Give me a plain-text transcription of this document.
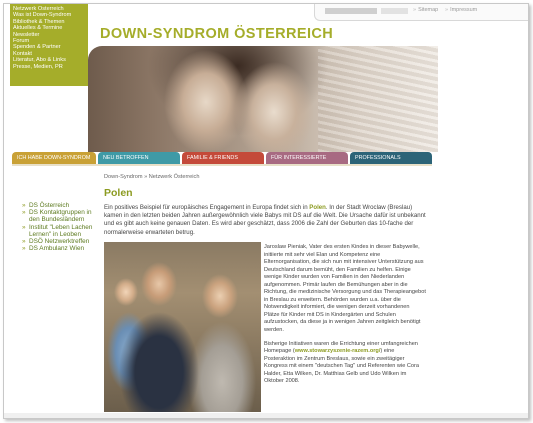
Netzwerk Österreich
Was ist Down-Syndrom
Bibliothek & Themen
Aktuelles & Termine
Newsletter
Forum
Spenden & Partner
Kontakt
Literatur, Abo & Links
Presse, Medien, PR
» Sitemap » Impressum
DOWN-SYNDROM ÖSTERREICH
ICH HABE DOWN-SYNDROM	NEU BETROFFEN	FAMILIE & FRIENDS	FÜR INTERESSIERTE	PROFESSIONALS
» DS Österreich
» DS Kontaktgruppen in den Bundesländern
» Institut "Leben Lachen Lernen" in Leoben
» DSÖ Netzwerktreffen
» DS Ambulanz Wien
Down-Syndrom » Netzwerk Österreich
Polen
Ein positives Beispiel für europäisches Engagement in Europa findet sich in Polen. In der Stadt Wroclaw (Breslau) kamen in den letzten beiden Jahren außergewöhnlich viele Babys mit DS auf die Welt. Die Ursache dafür ist unbekannt und es gibt auch keine genauen Daten. Es wird aber geschätzt, dass 2006 die Zahl der Geburten das 10-fache der normalerweise erwarteten betrug.

Jaroslaw Pieniak, Vater des ersten Kindes in dieser Babywelle, initiierte mit sehr viel Elan und Kompetenz eine Elternorganisation, die sich nun mit intensiver Unterstützung aus Deutschland darum bemüht, den Familien zu helfen. Einige wenige Kinder wurden von Familien in den Niederlanden aufgenommen. Primär laufen die Bemühungen aber in die Richtung, die medizinische Versorgung und das Therapieangebot in Breslau zu erweitern. Behörden wurden u.a. über die Notwendigkeit informiert, die wenigen derzeit vorhandenen Plätze für Kinder mit DS in Kindergärten und Schulen aufzustocken, da diese ja in wenigen Jahren zeitgleich benötigt werden.

Bisherige Initiativen waren die Errichtung einer umfangreichen Homepage (www.stowarzyszenie-razem.org/) eine Posteraktion im Zentrum Breslaus, sowie ein zweitägiger Kongress mit einem "deutschen Tag" und Referenten wie Cora Halder, Etta Wilken, Dr. Matthias Gelb und Udo Wilken im Oktober 2008.
